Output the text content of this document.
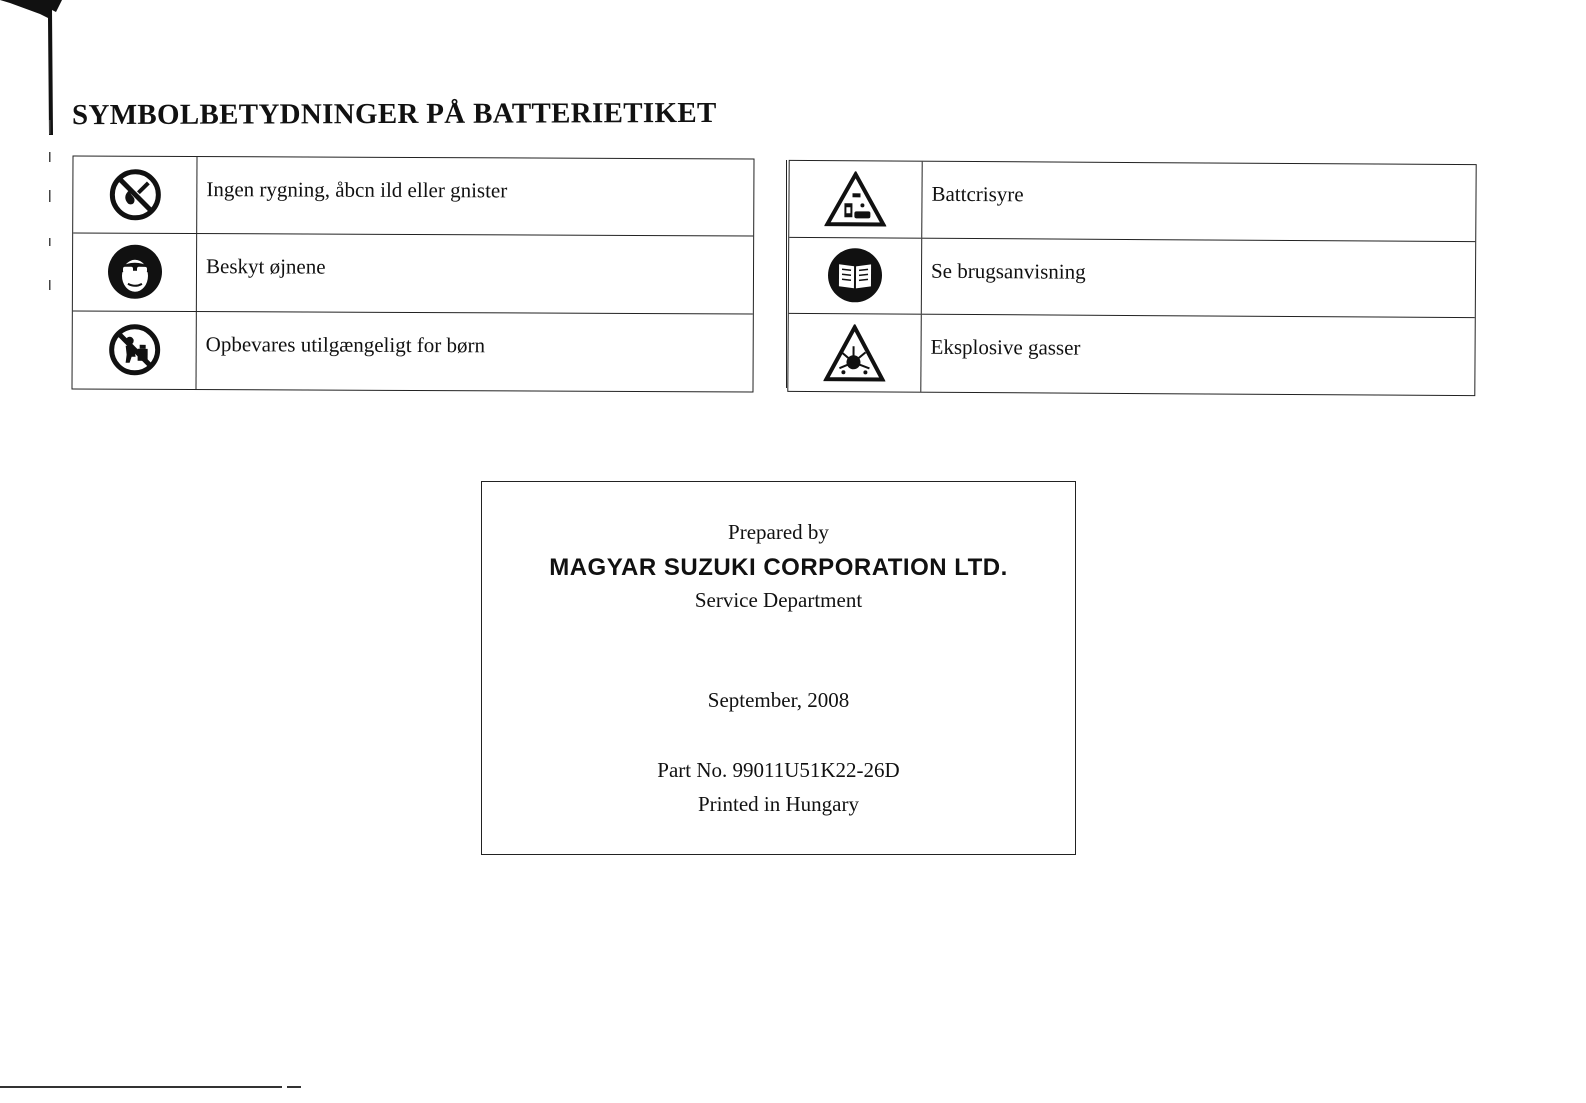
SYMBOLBETYDNINGER PÅ BATTERIETIKET
Ingen rygning, åbcn ild eller gnister
Beskyt øjnene
Opbevares utilgængeligt for børn
Battcrisyre
Se brugsanvisning
Eksplosive gasser
Prepared by
MAGYAR SUZUKI CORPORATION LTD.
Service Department
September, 2008
Part No. 99011U51K22-26D
Printed in Hungary
